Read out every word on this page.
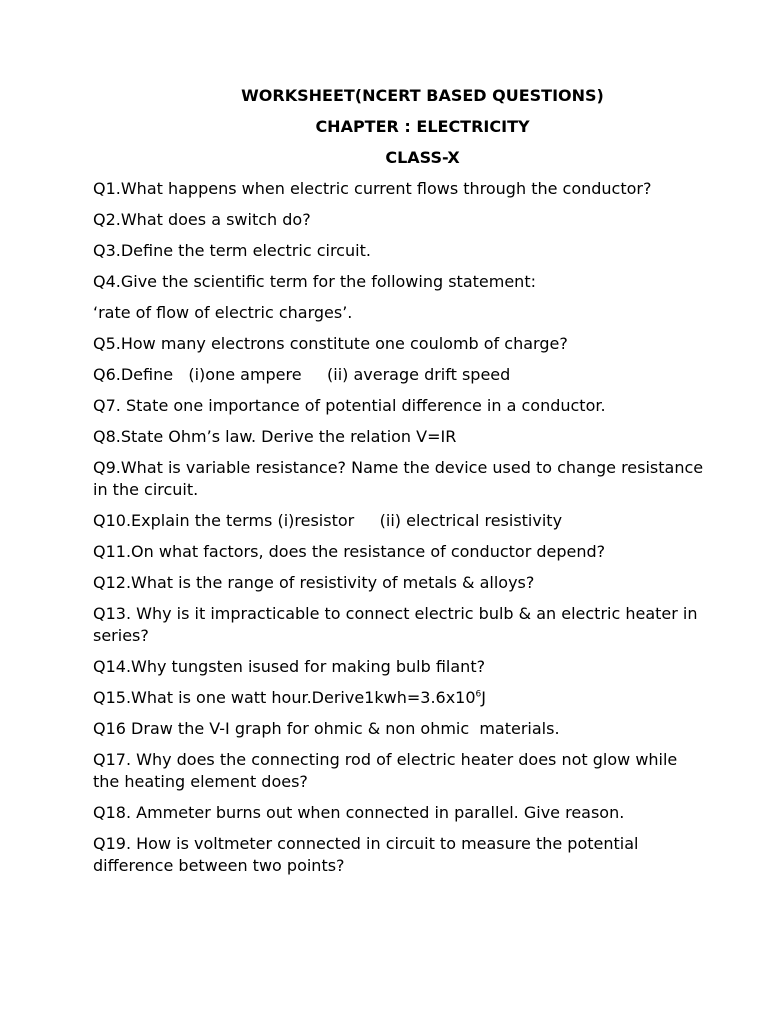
WORKSHEET(NCERT BASED QUESTIONS)
CHAPTER : ELECTRICITY
CLASS-X

Q1.What happens when electric current flows through the conductor?

Q2.What does a switch do?

Q3.Define the term electric circuit.

Q4.Give the scientific term for the following statement:

‘rate of flow of electric charges’.

Q5.How many electrons constitute one coulomb of charge?

Q6.Define   (i)one ampere     (ii) average drift speed

Q7. State one importance of potential difference in a conductor.

Q8.State Ohm’s law. Derive the relation V=IR

Q9.What is variable resistance? Name the device used to change resistance in the circuit.

Q10.Explain the terms (i)resistor     (ii) electrical resistivity

Q11.On what factors, does the resistance of conductor depend?

Q12.What is the range of resistivity of metals & alloys?

Q13. Why is it impracticable to connect electric bulb & an electric heater in series?

Q14.Why tungsten isused for making bulb filant?

Q15.What is one watt $hour.Derive1kwh=3.6x10^6J$

Q16 Draw the V-I graph for ohmic & non ohmic  materials.

Q17. Why does the connecting rod of electric heater does not glow while the heating element does?

Q18. Ammeter burns out when connected in parallel. Give reason.

Q19. How is voltmeter connected in circuit to measure the potential difference between two points?
